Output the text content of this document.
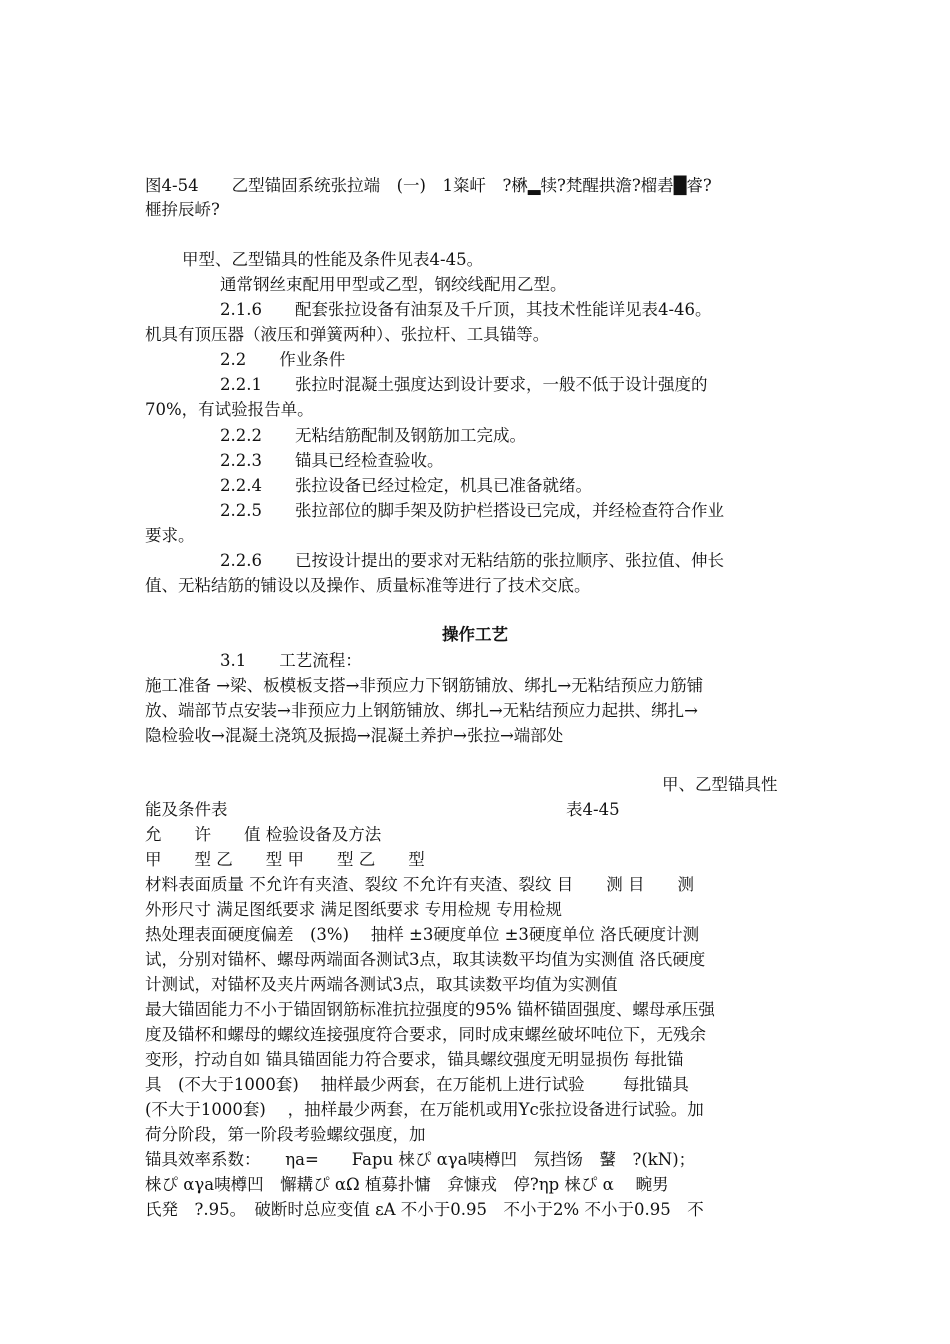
图4-54　　乙型锚固系统张拉端　(一)　1粢屽　?楙▂犊?梵醒拱澹?榴砉█睿?
榧拚辰峤?
甲型、乙型锚具的性能及条件见表4-45。
通常钢丝束配用甲型或乙型，钢绞线配用乙型。
2.1.6　　配套张拉设备有油泵及千斤顶，其技术性能详见表4-46。
机具有顶压器（液压和弹簧两种）、张拉杆、工具锚等。
2.2　　作业条件
2.2.1　　张拉时混凝土强度达到设计要求，一般不低于设计强度的
70%，有试验报告单。
2.2.2　　无粘结筋配制及钢筋加工完成。
2.2.3　　锚具已经检查验收。
2.2.4　　张拉设备已经过检定，机具已准备就绪。
2.2.5　　张拉部位的脚手架及防护栏搭设已完成，并经检查符合作业
要求。
2.2.6　　已按设计提出的要求对无粘结筋的张拉顺序、张拉值、伸长
值、无粘结筋的铺设以及操作、质量标准等进行了技术交底。
操作工艺
3.1　　工艺流程：
施工准备 →梁、板模板支搭→非预应力下钢筋铺放、绑扎→无粘结预应力筋铺
放、端部节点安装→非预应力上钢筋铺放、绑扎→无粘结预应力起拱、绑扎→
隐检验收→混凝土浇筑及振捣→混凝土养护→张拉→端部处
甲、乙型锚具性
能及条件表	表4-45
允　　许　　值 检验设备及方法
甲　　型 乙　　型 甲　　型 乙　　型
材料表面质量 不允许有夹渣、裂纹 不允许有夹渣、裂纹 目　　测 目　　测
外形尺寸 满足图纸要求 满足图纸要求 专用检规 专用检规
热处理表面硬度偏差　(3%)　 抽样 ±3硬度单位 ±3硬度单位 洛氏硬度计测
试，分别对锚杯、螺母两端面各测试3点，取其读数平均值为实测值 洛氏硬度
计测试，对锚杯及夹片两端各测试3点，取其读数平均值为实测值
最大锚固能力不小于锚固钢筋标准抗拉强度的95% 锚杯锚固强度、螺母承压强
度及锚杯和螺母的螺纹连接强度符合要求，同时成束螺丝破坏吨位下，无残余
变形，拧动自如 锚具锚固能力符合要求，锚具螺纹强度无明显损伤 每批锚
具　(不大于1000套)　 抽样最少两套，在万能机上进行试验　　 每批锚具
(不大于1000套)　 ，抽样最少两套，在万能机或用Yc张拉设备进行试验。加
荷分阶段，第一阶段考验螺纹强度，加
锚具效率系数：　　ηa=　　Fapu 梾ぴ αγa咦樽凹　氖挡饧　鼜　?(kN)；
梾ぴ αγa咦樽凹　懈耩ぴ αΩ 植募扑慵　弇慷戎　停?ηp 梾ぴ α　 畹男
氏発　?.95。　破断时总应变值 εA 不小于0.95　不小于2% 不小于0.95　不
